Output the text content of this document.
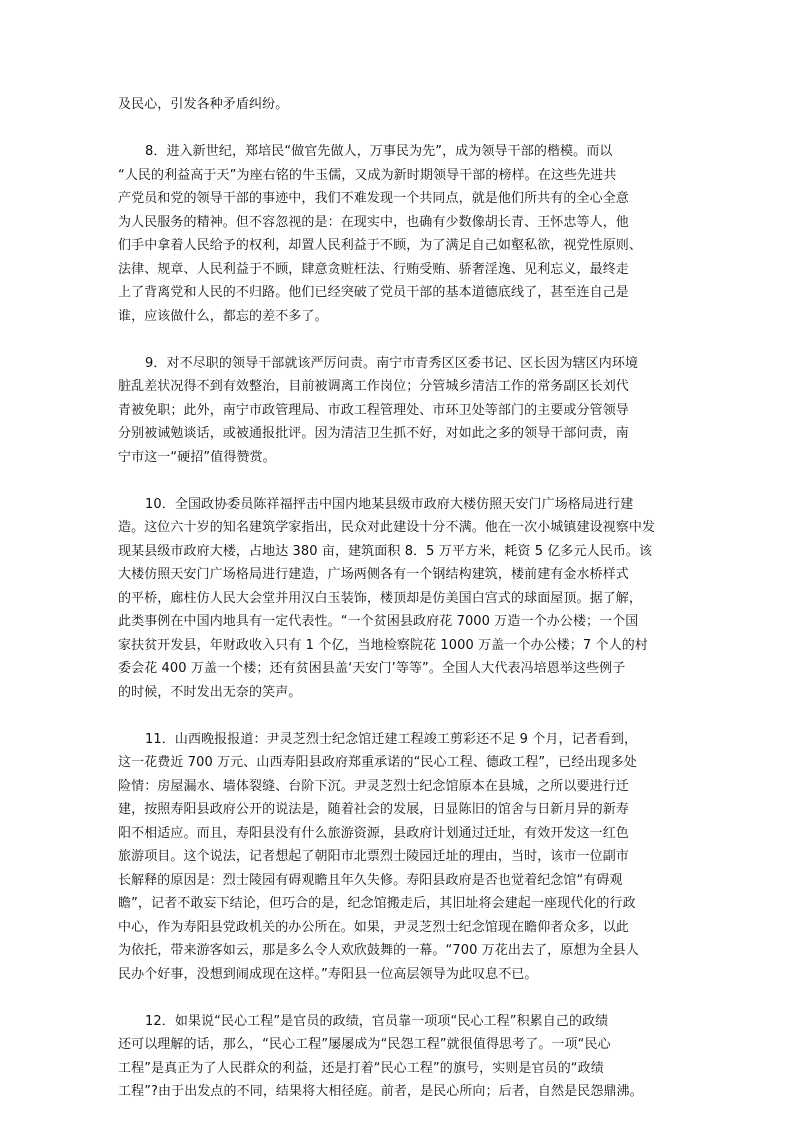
及民心，引发各种矛盾纠纷。
8．进入新世纪，郑培民“做官先做人，万事民为先”，成为领导干部的楷模。而以
“人民的利益高于天”为座右铭的牛玉儒，又成为新时期领导干部的榜样。在这些先进共
产党员和党的领导干部的事迹中，我们不难发现一个共同点，就是他们所共有的全心全意
为人民服务的精神。但不容忽视的是：在现实中，也确有少数像胡长青、王怀忠等人，他
们手中拿着人民给予的权利，却置人民利益于不顾，为了满足自己如壑私欲，视党性原则、
法律、规章、人民利益于不顾，肆意贪赃枉法、行贿受贿、骄奢淫逸、见利忘义，最终走
上了背离党和人民的不归路。他们已经突破了党员干部的基本道德底线了，甚至连自己是
谁，应该做什么，都忘的差不多了。
9．对不尽职的领导干部就该严厉问责。南宁市青秀区区委书记、区长因为辖区内环境
脏乱差状况得不到有效整治，目前被调离工作岗位；分管城乡清洁工作的常务副区长刘代
青被免职；此外，南宁市政管理局、市政工程管理处、市环卫处等部门的主要或分管领导
分别被诫勉谈话，或被通报批评。因为清洁卫生抓不好，对如此之多的领导干部问责，南
宁市这一“硬招”值得赞赏。
10．全国政协委员陈祥福抨击中国内地某县级市政府大楼仿照天安门广场格局进行建
造。这位六十岁的知名建筑学家指出，民众对此建设十分不满。他在一次小城镇建设视察中发
现某县级市政府大楼，占地达 380 亩，建筑面积 8．5 万平方米，耗资 5 亿多元人民币。该
大楼仿照天安门广场格局进行建造，广场两侧各有一个钢结构建筑，楼前建有金水桥样式
的平桥，廊柱仿人民大会堂并用汉白玉装饰，楼顶却是仿美国白宫式的球面屋顶。据了解，
此类事例在中国内地具有一定代表性。“一个贫困县政府花 7000 万造一个办公楼；一个国
家扶贫开发县，年财政收入只有 1 个亿，当地检察院花 1000 万盖一个办公楼；7 个人的村
委会花 400 万盖一个楼；还有贫困县盖‘天安门’等等”。全国人大代表冯培恩举这些例子
的时候，不时发出无奈的笑声。
11．山西晚报报道：尹灵芝烈士纪念馆迁建工程竣工剪彩还不足 9 个月，记者看到，
这一花费近 700 万元、山西寿阳县政府郑重承诺的“民心工程、德政工程”，已经出现多处
险情：房屋漏水、墙体裂缝、台阶下沉。尹灵芝烈士纪念馆原本在县城，之所以要进行迁
建，按照寿阳县政府公开的说法是，随着社会的发展，日显陈旧的馆舍与日新月异的新寿
阳不相适应。而且，寿阳县没有什么旅游资源，县政府计划通过迁址，有效开发这一红色
旅游项目。这个说法，记者想起了朝阳市北票烈士陵园迁址的理由，当时，该市一位副市
长解释的原因是：烈士陵园有碍观瞻且年久失修。寿阳县政府是否也觉着纪念馆“有碍观
瞻”，记者不敢妄下结论，但巧合的是，纪念馆搬走后，其旧址将会建起一座现代化的行政
中心，作为寿阳县党政机关的办公所在。如果，尹灵芝烈士纪念馆现在瞻仰者众多，以此
为依托，带来游客如云，那是多么令人欢欣鼓舞的一幕。“700 万花出去了，原想为全县人
民办个好事，没想到闹成现在这样。”寿阳县一位高层领导为此叹息不已。
12．如果说“民心工程”是官员的政绩，官员靠一项项“民心工程”积累自己的政绩
还可以理解的话，那么，“民心工程”屡屡成为“民怨工程”就很值得思考了。一项“民心
工程”是真正为了人民群众的利益，还是打着“民心工程”的旗号，实则是官员的“政绩
工程”?由于出发点的不同，结果将大相径庭。前者，是民心所向；后者，自然是民怨鼎沸。
